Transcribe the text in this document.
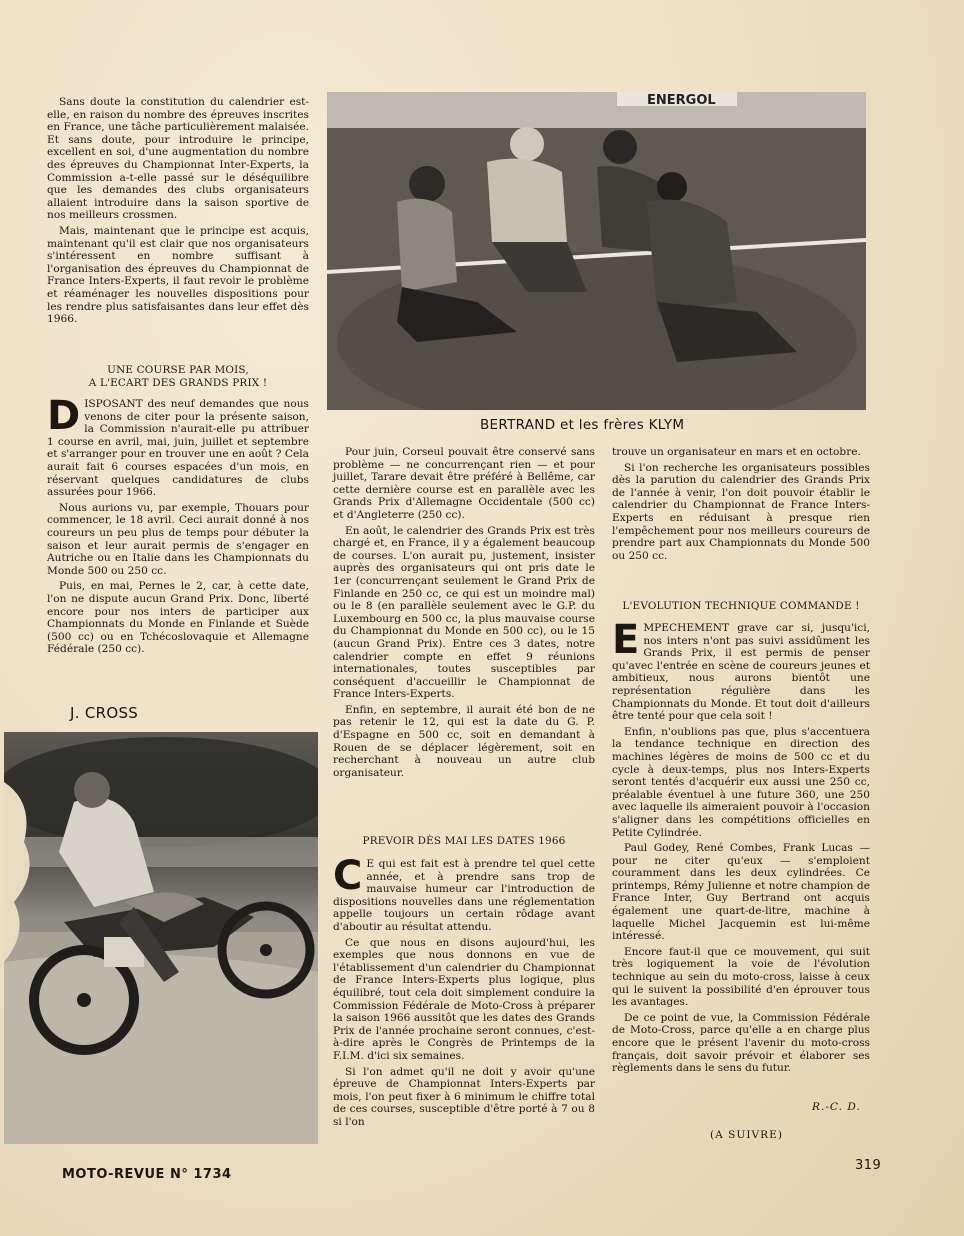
Sans doute la constitution du calendrier est-elle, en raison du nombre des épreuves inscrites en France, une tâche particulièrement malaisée. Et sans doute, pour introduire le principe, excellent en soi, d'une augmentation du nombre des épreuves du Championnat Inter-Experts, la Commission a-t-elle passé sur le déséquilibre que les demandes des clubs organisateurs allaient introduire dans la saison sportive de nos meilleurs crossmen.

Mais, maintenant que le principe est acquis, maintenant qu'il est clair que nos organisateurs s'intéressent en nombre suffisant à l'organisation des épreuves du Championnat de France Inters-Experts, il faut revoir le problème et réaménager les nouvelles dispositions pour les rendre plus satisfaisantes dans leur effet dès 1966.

UNE COURSE PAR MOIS,
A L'ECART DES GRANDS PRIX !

DISPOSANT des neuf demandes que nous venons de citer pour la présente saison, la Commission n'aurait-elle pu attribuer 1 course en avril, mai, juin, juillet et septembre et s'arranger pour en trouver une en août ? Cela aurait fait 6 courses espacées d'un mois, en réservant quelques candidatures de clubs assurées pour 1966.

Nous aurions vu, par exemple, Thouars pour commencer, le 18 avril. Ceci aurait donné à nos coureurs un peu plus de temps pour débuter la saison et leur aurait permis de s'engager en Autriche ou en Italie dans les Championnats du Monde 500 ou 250 cc.

Puis, en mai, Pernes le 2, car, à cette date, l'on ne dispute aucun Grand Prix. Donc, liberté encore pour nos inters de participer aux Championnats du Monde en Finlande et Suède (500 cc) ou en Tchécoslovaquie et Allemagne Fédérale (250 cc).

J. CROSS
ENERGOL
BERTRAND et les frères KLYM

Pour juin, Corseul pouvait être conservé sans problème — ne concurrençant rien — et pour juillet, Tarare devait être préféré à Bellême, car cette dernière course est en parallèle avec les Grands Prix d'Allemagne Occidentale (500 cc) et d'Angleterre (250 cc).

En août, le calendrier des Grands Prix est très chargé et, en France, il y a également beaucoup de courses. L'on aurait pu, justement, insister auprès des organisateurs qui ont pris date le 1er (concurrençant seulement le Grand Prix de Finlande en 250 cc, ce qui est un moindre mal) ou le 8 (en parallèle seulement avec le G.P. du Luxembourg en 500 cc, la plus mauvaise course du Championnat du Monde en 500 cc), ou le 15 (aucun Grand Prix). Entre ces 3 dates, notre calendrier compte en effet 9 réunions internationales, toutes susceptibles par conséquent d'accueillir le Championnat de France Inters-Experts.

Enfin, en septembre, il aurait été bon de ne pas retenir le 12, qui est la date du G. P. d'Espagne en 500 cc, soit en demandant à Rouen de se déplacer légèrement, soit en recherchant à nouveau un autre club organisateur.

PREVOIR DÈS MAI LES DATES 1966

C E qui est fait est à prendre tel quel cette année, et à prendre sans trop de mauvaise humeur car l'introduction de dispositions nouvelles dans une réglementation appelle toujours un certain rôdage avant d'aboutir au résultat attendu.

Ce que nous en disons aujourd'hui, les exemples que nous donnons en vue de l'établissement d'un calendrier du Championnat de France Inters-Experts plus logique, plus équilibré, tout cela doit simplement conduire la Commission Fédérale de Moto-Cross à préparer la saison 1966 aussitôt que les dates des Grands Prix de l'année prochaine seront connues, c'est-à-dire après le Congrès de Printemps de la F.I.M. d'ici six semaines.

Si l'on admet qu'il ne doit y avoir qu'une épreuve de Championnat Inters-Experts par mois, l'on peut fixer à 6 minimum le chiffre total de ces courses, susceptible d'être porté à 7 ou 8 si l'on

trouve un organisateur en mars et en octobre.

Si l'on recherche les organisateurs possibles dès la parution du calendrier des Grands Prix de l'année à venir, l'on doit pouvoir établir le calendrier du Championnat de France Inters-Experts en réduisant à presque rien l'empêchement pour nos meilleurs coureurs de prendre part aux Championnats du Monde 500 ou 250 cc.

L'EVOLUTION TECHNIQUE COMMANDE !

EMPECHEMENT grave car si, jusqu'ici, nos inters n'ont pas suivi assidûment les Grands Prix, il est permis de penser qu'avec l'entrée en scène de coureurs jeunes et ambitieux, nous aurons bientôt une représentation régulière dans les Championnats du Monde. Et tout doit d'ailleurs être tenté pour que cela soit !

Enfin, n'oublions pas que, plus s'accentuera la tendance technique en direction des machines légères de moins de 500 cc et du cycle à deux-temps, plus nos Inters-Experts seront tentés d'acquérir eux aussi une 250 cc, préalable éventuel à une future 360, une 250 avec laquelle ils aimeraient pouvoir à l'occasion s'aligner dans les compétitions officielles en Petite Cylindrée.

Paul Godey, René Combes, Frank Lucas — pour ne citer qu'eux — s'emploient couramment dans les deux cylindrées. Ce printemps, Rémy Julienne et notre champion de France Inter, Guy Bertrand ont acquis également une quart-de-litre, machine à laquelle Michel Jacquemin est lui-même intéressé.

Encore faut-il que ce mouvement, qui suit très logiquement la voie de l'évolution technique au sein du moto-cross, laisse à ceux qui le suivent la possibilité d'en éprouver tous les avantages.

De ce point de vue, la Commission Fédérale de Moto-Cross, parce qu'elle a en charge plus encore que le présent l'avenir du moto-cross français, doit savoir prévoir et élaborer ses règlements dans le sens du futur.

R.-C. D.
(A SUIVRE)
MOTO-REVUE N° 1734
319
